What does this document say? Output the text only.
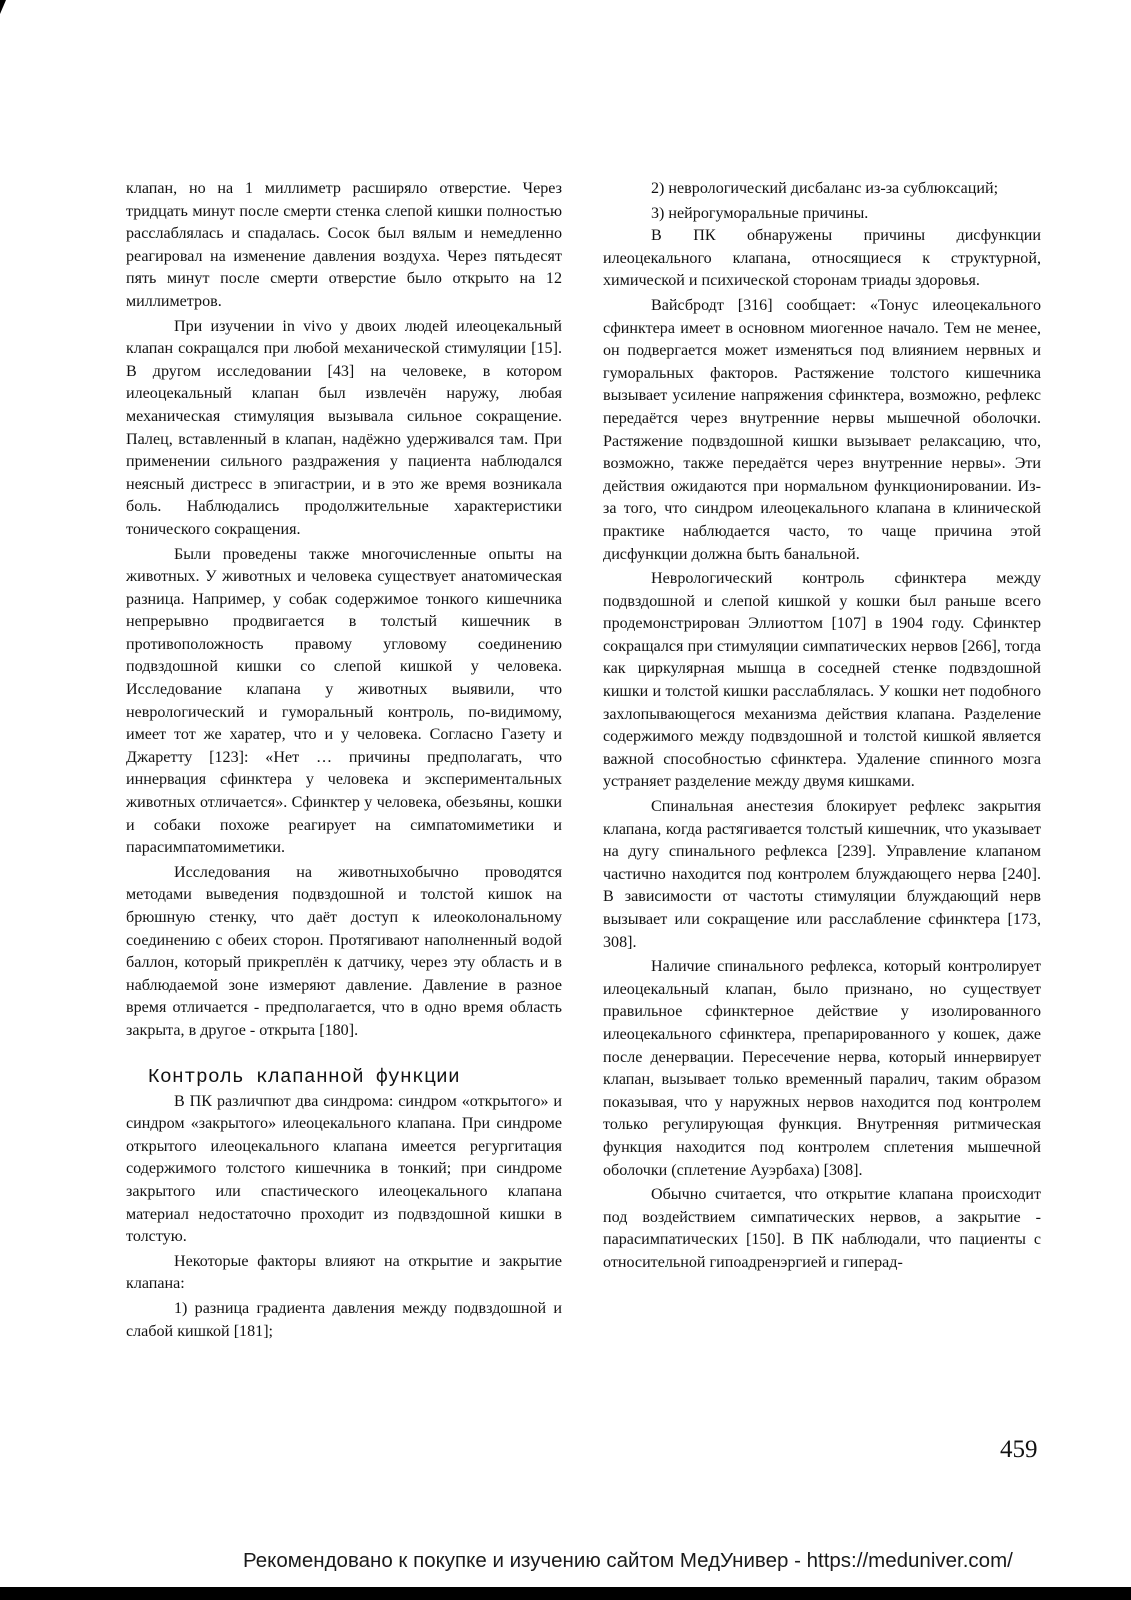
клапан, но на 1 миллиметр расширяло отверстие. Через тридцать минут после смерти стенка слепой кишки полностью расслаблялась и спадалась. Сосок был вялым и немедленно реагировал на изменение давления воздуха. Через пятьдесят пять минут после смерти отверстие было открыто на 12 миллиметров.

При изучении in vivo у двоих людей илеоцекальный клапан сокращался при любой механической стимуляции [15]. В другом исследовании [43] на человеке, в котором илеоцекальный клапан был извлечён наружу, любая механическая стимуляция вызывала сильное сокращение. Палец, вставленный в клапан, надёжно удерживался там. При применении сильного раздражения у пациента наблюдался неясный дистресс в эпигастрии, и в это же время возникала боль. Наблюдались продолжительные характеристики тонического сокращения.

Были проведены также многочисленные опыты на животных. У животных и человека существует анатомическая разница. Например, у собак содержимое тонкого кишечника непрерывно продвигается в толстый кишечник в противоположность правому угловому соединению подвздошной кишки со слепой кишкой у человека. Исследование клапана у животных выявили, что неврологический и гуморальный контроль, по-видимому, имеет тот же харатер, что и у человека. Согласно Газету и Джаретту [123]: «Нет … причины предполагать, что иннервация сфинктера у человека и экспериментальных животных отличается». Сфинктер у человека, обезьяны, кошки и собаки похоже реагирует на симпатомиметики и парасимпатомиметики.

Исследования на животныхобычно проводятся методами выведения подвздошной и толстой кишок на брюшную стенку, что даёт доступ к илеоколональному соединению с обеих сторон. Протягивают наполненный водой баллон, который прикреплён к датчику, через эту область и в наблюдаемой зоне измеряют давление. Давление в разное время отличается - предполагается, что в одно время область закрыта, в другое - открыта [180].

Контроль клапанной функции

В ПК различпют два синдрома: синдром «открытого» и синдром «закрытого» илеоцекального клапана. При синдроме открытого илеоцекального клапана имеется регургитация содержимого толстого кишечника в тонкий; при синдроме закрытого или спастического илеоцекального клапана материал недостаточно проходит из подвздошной кишки в толстую.

Некоторые факторы влияют на открытие и закрытие клапана:

1) разница градиента давления между подвздошной и слабой кишкой [181];

2) неврологический дисбаланс из-за сублюксаций;

3) нейрогуморальные причины.

В ПК обнаружены причины дисфункции илеоцекального клапана, относящиеся к структурной, химической и психической сторонам триады здоровья.

Вайсбродт [316] сообщает: «Тонус илеоцекального сфинктера имеет в основном миогенное начало. Тем не менее, он подвергается может изменяться под влиянием нервных и гуморальных факторов. Растяжение толстого кишечника вызывает усиление напряжения сфинктера, возможно, рефлекс передаётся через внутренние нервы мышечной оболочки. Растяжение подвздошной кишки вызывает релаксацию, что, возможно, также передаётся через внутренние нервы». Эти действия ожидаются при нормальном функционировании. Из-за того, что синдром илеоцекального клапана в клинической практике наблюдается часто, то чаще причина этой дисфункции должна быть банальной.

Неврологический контроль сфинктера между подвздошной и слепой кишкой у кошки был раньше всего продемонстрирован Эллиоттом [107] в 1904 году. Сфинктер сокращался при стимуляции симпатических нервов [266], тогда как циркулярная мышца в соседней стенке подвздошной кишки и толстой кишки расслаблялась. У кошки нет подобного захлопывающегося механизма действия клапана. Разделение содержимого между подвздошной и толстой кишкой является важной способностью сфинктера. Удаление спинного мозга устраняет разделение между двумя кишками.

Спинальная анестезия блокирует рефлекс закрытия клапана, когда растягивается толстый кишечник, что указывает на дугу спинального рефлекса [239]. Управление клапаном частично находится под контролем блуждающего нерва [240]. В зависимости от частоты стимуляции блуждающий нерв вызывает или сокращение или расслабление сфинктера [173, 308].

Наличие спинального рефлекса, который контролирует илеоцекальный клапан, было признано, но существует правильное сфинктерное действие у изолированного илеоцекального сфинктера, препарированного у кошек, даже после денервации. Пересечение нерва, который иннервирует клапан, вызывает только временный паралич, таким образом показывая, что у наружных нервов находится под контролем только регулирующая функция. Внутренняя ритмическая функция находится под контролем сплетения мышечной оболочки (сплетение Ауэрбаха) [308].

Обычно считается, что открытие клапана происходит под воздействием симпатических нервов, а закрытие - парасимпатических [150]. В ПК наблюдали, что пациенты с относительной гипоадренэргией и гиперад-

459
Рекомендовано к покупке и изучению сайтом МедУнивер - https://meduniver.com/
